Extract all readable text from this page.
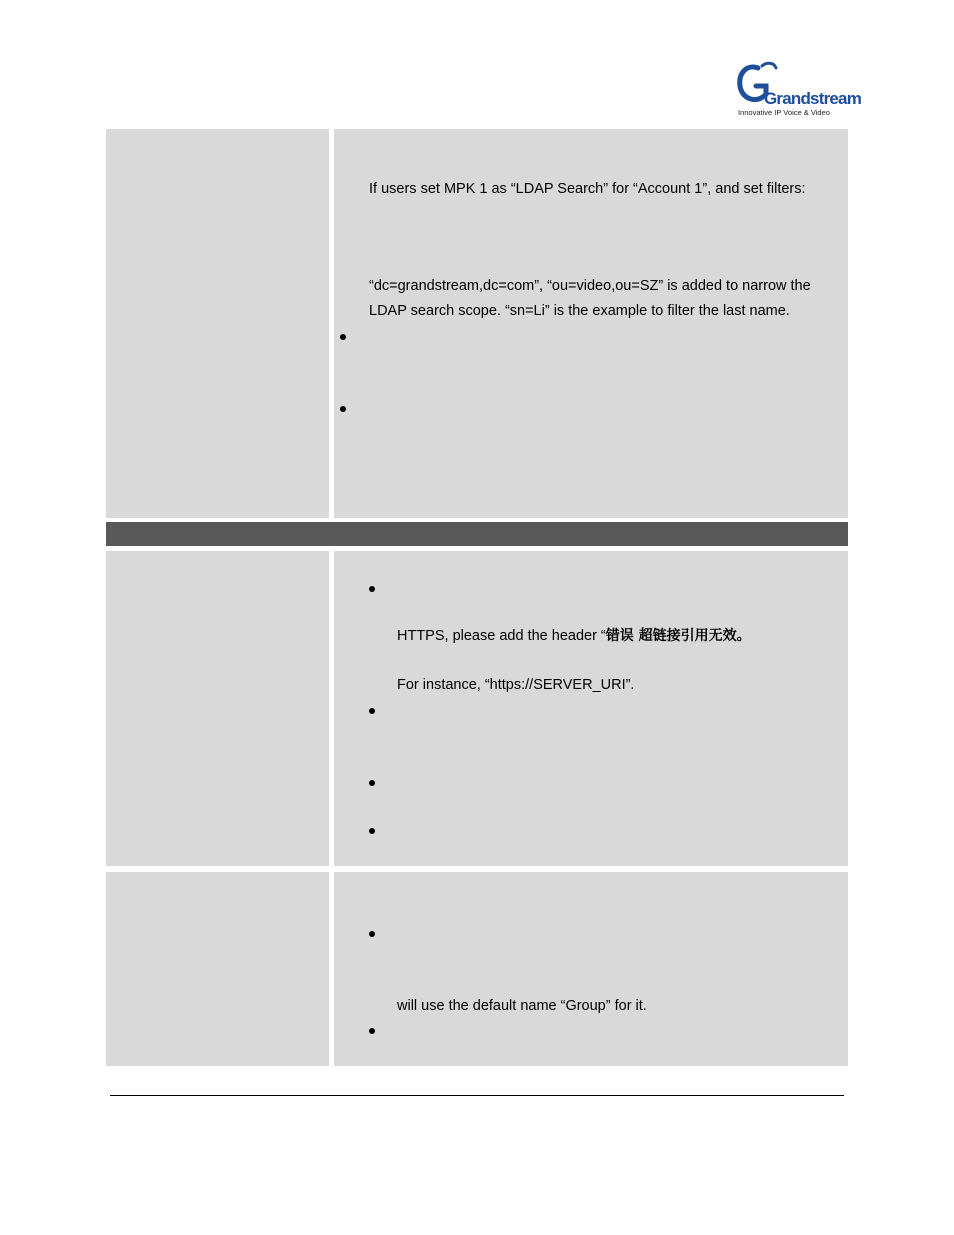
Grandstream
Innovative IP Voice & Video
If users set MPK 1 as “LDAP Search” for “Account 1”, and set filters:
“dc=grandstream,dc=com”, “ou=video,ou=SZ” is added to narrow the
LDAP search scope. “sn=Li” is the example to filter the last name.
HTTPS, please add the header “错误 超链接引用无效。
For instance, “https://SERVER_URI”.
will use the default name “Group” for it.
